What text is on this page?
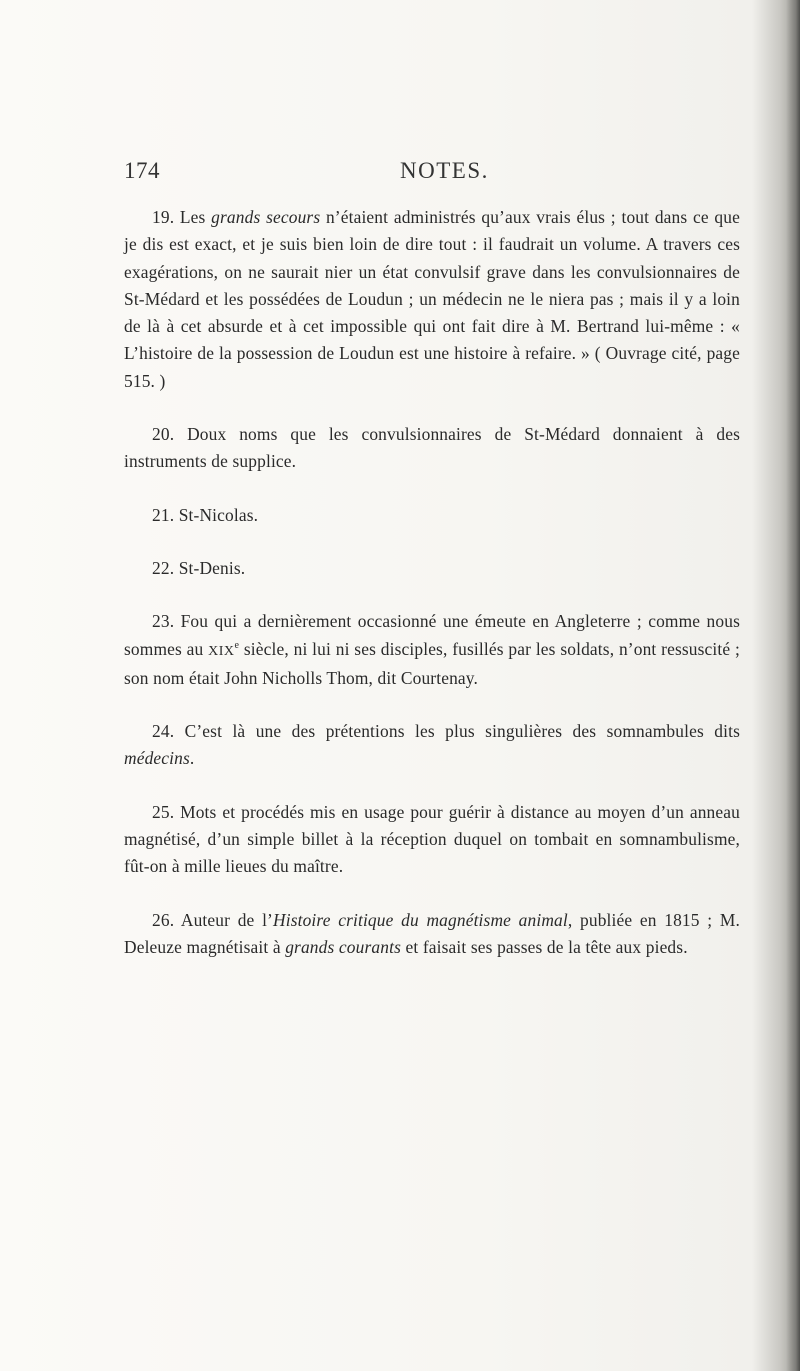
174	NOTES.

19. Les grands secours n’étaient administrés qu’aux vrais élus ; tout dans ce que je dis est exact, et je suis bien loin de dire tout : il faudrait un volume. A travers ces exagérations, on ne saurait nier un état convulsif grave dans les convulsionnaires de St-Médard et les possédées de Loudun ; un médecin ne le niera pas ; mais il y a loin de là à cet absurde et à cet impossible qui ont fait dire à M. Bertrand lui-même : « L’histoire de la possession de Loudun est une histoire à refaire. » ( Ouvrage cité, page 515. )

20. Doux noms que les convulsionnaires de St-Médard donnaient à des instruments de supplice.

21. St-Nicolas.

22. St-Denis.

23. Fou qui a dernièrement occasionné une émeute en Angleterre ; comme nous sommes au XIXe siècle, ni lui ni ses disciples, fusillés par les soldats, n’ont ressuscité ; son nom était John Nicholls Thom, dit Courtenay.

24. C’est là une des prétentions les plus singulières des somnambules dits médecins.

25. Mots et procédés mis en usage pour guérir à distance au moyen d’un anneau magnétisé, d’un simple billet à la réception duquel on tombait en somnambulisme, fût-on à mille lieues du maître.

26. Auteur de l’Histoire critique du magnétisme animal, publiée en 1815 ; M. Deleuze magnétisait à grands courants et faisait ses passes de la tête aux pieds.
